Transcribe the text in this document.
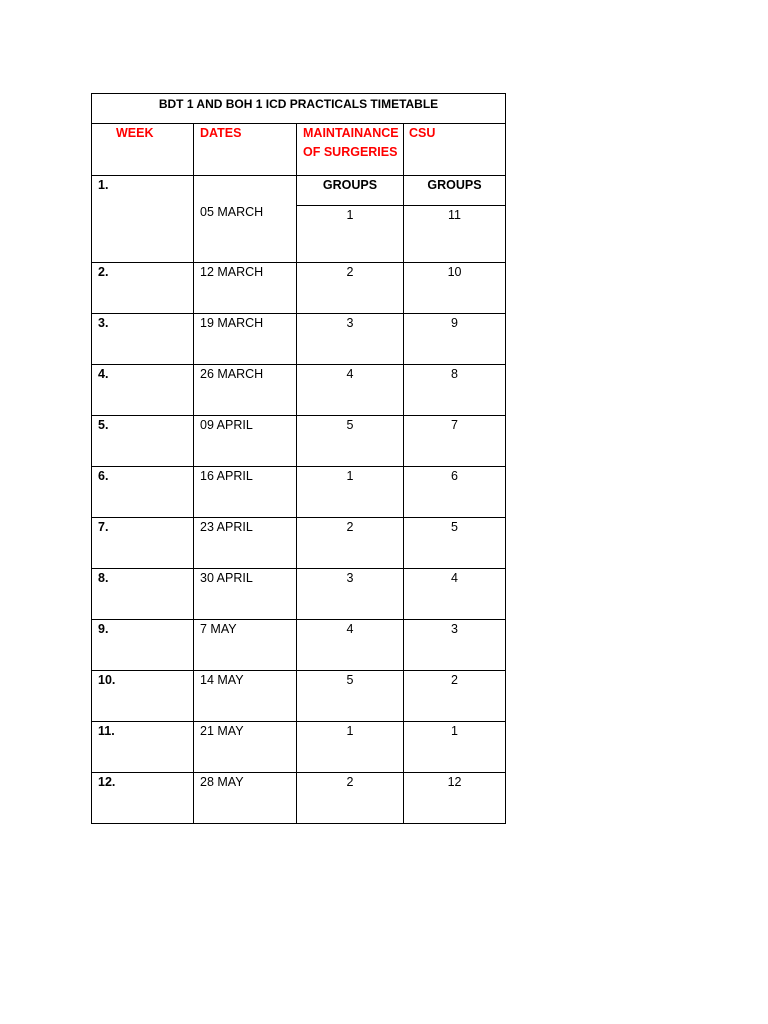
BDT 1 AND BOH 1 ICD PRACTICALS TIMETABLE			

WEEK	DATES	MAINTAINANCE OF SURGERIES	CSU

1.	05 MARCH	GROUPS	GROUPS

		1	11

2.	12 MARCH	2	10

3.	19 MARCH	3	9

4.	26 MARCH	4	8

5.	09 APRIL	5	7

6.	16 APRIL	1	6

7.	23 APRIL	2	5

8.	30 APRIL	3	4

9.	7 MAY	4	3

10.	14 MAY	5	2

11.	21 MAY	1	1

12.	28 MAY	2	12
